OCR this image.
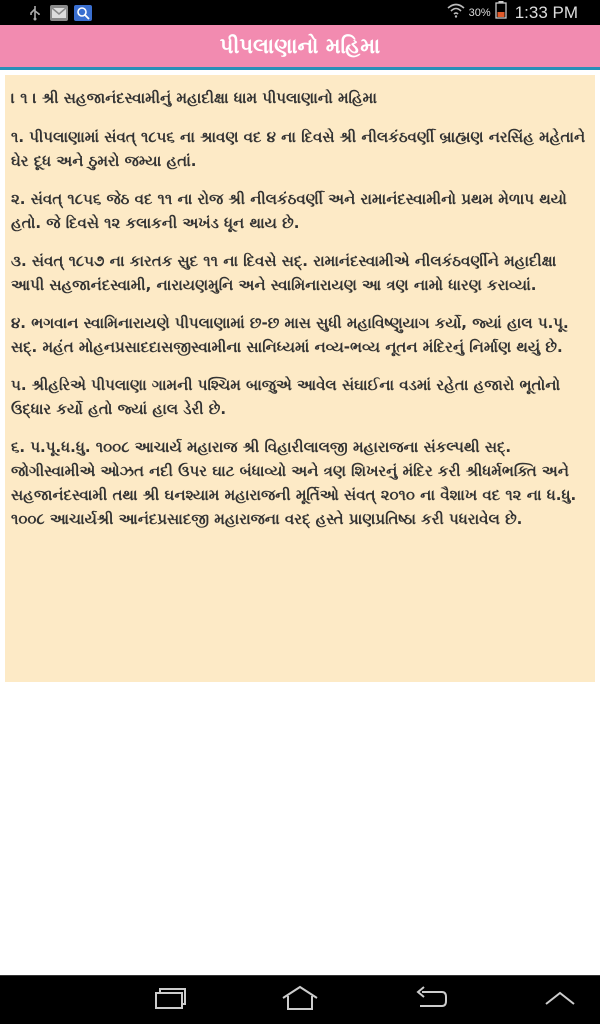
30% 1:33 PM
પીપલાણાનો મહિમા

। ૧ । શ્રી સહજાનંદસ્વામીનું મહાદીક્ષા ધામ પીપલાણાનો મહિમા

૧. પીપલાણામાં સંવત્ ૧૮૫૬ ના શ્રાવણ વદ ૪ ના દિવસે શ્રી નીલકંઠવર્ણી બ્રાહ્મણ નરસિંહ મહેતાને ઘેર દૂધ અને ઠુમરો જમ્યા હતાં.

૨. સંવત્ ૧૮૫૬ જેઠ વદ ૧૧ ના રોજ શ્રી નીલકંઠવર્ણી અને રામાનંદસ્વામીનો પ્રથમ મેળાપ થયો હતો. જે દિવસે ૧૨ કલાકની અખંડ ધૂન થાય છે.

૩. સંવત્ ૧૮૫૭ ના કારતક સુદ ૧૧ ના દિવસે સદ્. રામાનંદસ્વામીએ નીલકંઠવર્ણીને મહાદીક્ષા આપી સહજાનંદસ્વામી, નારાયણમુનિ અને સ્વામિનારાયણ આ ત્રણ નામો ધારણ કરાવ્યાં.

૪. ભગવાન સ્વામિનારાયણે પીપલાણામાં છ-છ માસ સુધી મહાવિષ્ણુયાગ કર્યો, જ્યાં હાલ પ.પૂ. સદ્. મહંત મોહનપ્રસાદદાસજીસ્વામીના સાનિધ્યમાં નવ્ય-ભવ્ય નૂતન મંદિરનું નિર્માણ થયું છે.

૫. શ્રીહરિએ પીપલાણા ગામની પશ્ચિમ બાજુએ આવેલ સંઘાઈના વડમાં રહેતા હજારો ભૂતોનો ઉદ્ધાર કર્યો હતો જ્યાં હાલ ડેરી છે.

૬. પ.પૂ.ધ.ધુ. ૧૦૦૮ આચાર્ય મહારાજ શ્રી વિહારીલાલજી મહારાજના સંકલ્પથી સદ્. જોગીસ્વામીએ ઓઝત નદી ઉપર ઘાટ બંધાવ્યો અને ત્રણ શિખરનું મંદિર કરી શ્રીધર્મભક્તિ અને સહજાનંદસ્વામી તથા શ્રી ઘનશ્યામ મહારાજની મૂર્તિઓ સંવત્ ૨૦૧૦ ના વૈશાખ વદ ૧૨ ના ધ.ધુ. ૧૦૦૮ આચાર્યશ્રી આનંદપ્રસાદજી મહારાજના વરદ્ હસ્તે પ્રાણપ્રતિષ્ઠા કરી પધરાવેલ છે.
